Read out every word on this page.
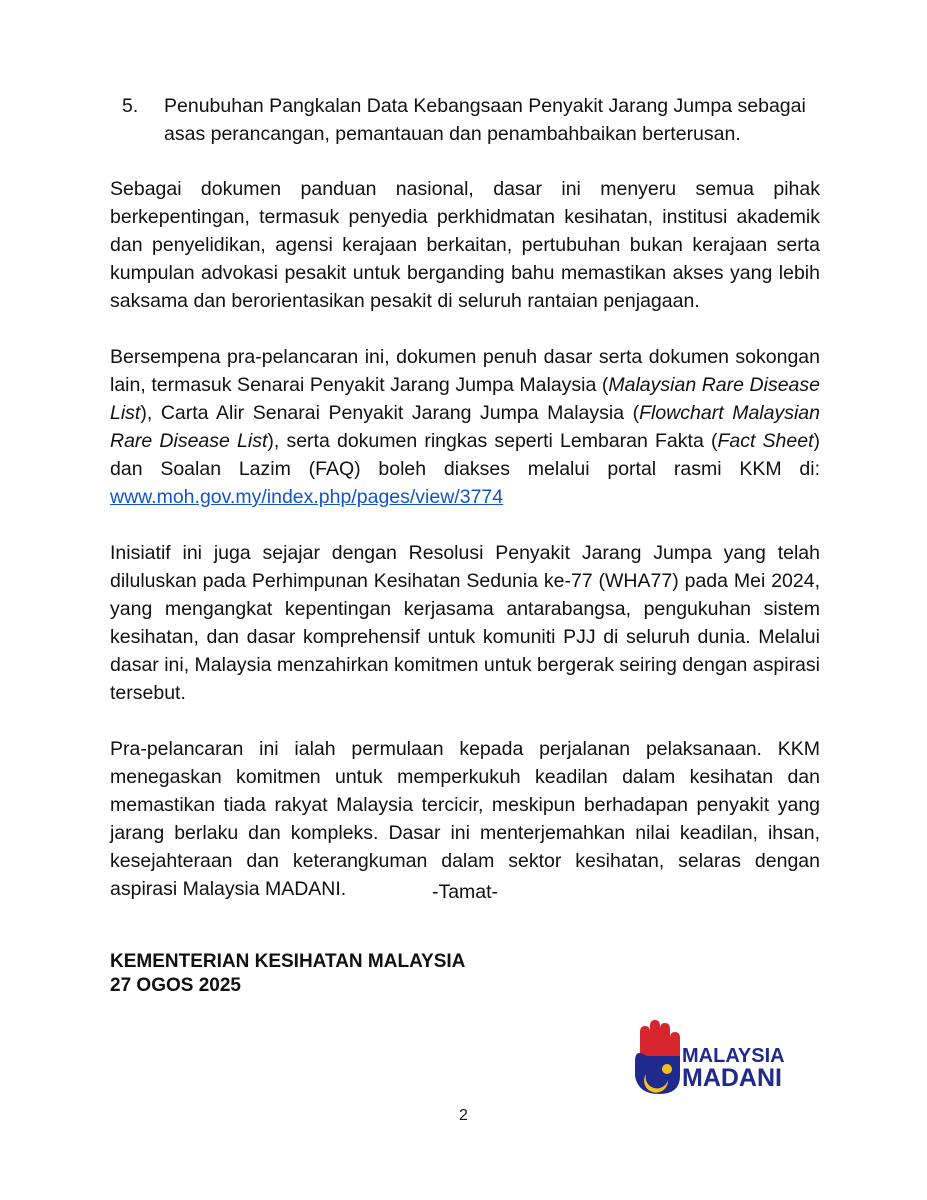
5.	Penubuhan Pangkalan Data Kebangsaan Penyakit Jarang Jumpa sebagai asas perancangan, pemantauan dan penambahbaikan berterusan.

Sebagai dokumen panduan nasional, dasar ini menyeru semua pihak berkepentingan, termasuk penyedia perkhidmatan kesihatan, institusi akademik dan penyelidikan, agensi kerajaan berkaitan, pertubuhan bukan kerajaan serta kumpulan advokasi pesakit untuk berganding bahu memastikan akses yang lebih saksama dan berorientasikan pesakit di seluruh rantaian penjagaan.

Bersempena pra-pelancaran ini, dokumen penuh dasar serta dokumen sokongan lain, termasuk Senarai Penyakit Jarang Jumpa Malaysia (Malaysian Rare Disease List), Carta Alir Senarai Penyakit Jarang Jumpa Malaysia (Flowchart Malaysian Rare Disease List), serta dokumen ringkas seperti Lembaran Fakta (Fact Sheet) dan Soalan Lazim (FAQ) boleh diakses melalui portal rasmi KKM di: www.moh.gov.my/index.php/pages/view/3774

Inisiatif ini juga sejajar dengan Resolusi Penyakit Jarang Jumpa yang telah diluluskan pada Perhimpunan Kesihatan Sedunia ke-77 (WHA77) pada Mei 2024, yang mengangkat kepentingan kerjasama antarabangsa, pengukuhan sistem kesihatan, dan dasar komprehensif untuk komuniti PJJ di seluruh dunia. Melalui dasar ini, Malaysia menzahirkan komitmen untuk bergerak seiring dengan aspirasi tersebut.

Pra-pelancaran ini ialah permulaan kepada perjalanan pelaksanaan. KKM menegaskan komitmen untuk memperkukuh keadilan dalam kesihatan dan memastikan tiada rakyat Malaysia tercicir, meskipun berhadapan penyakit yang jarang berlaku dan kompleks. Dasar ini menterjemahkan nilai keadilan, ihsan, kesejahteraan dan keterangkuman dalam sektor kesihatan, selaras dengan aspirasi Malaysia MADANI.	-Tamat-
KEMENTERIAN KESIHATAN MALAYSIA
27 OGOS 2025
MALAYSIA
MADANI
2
